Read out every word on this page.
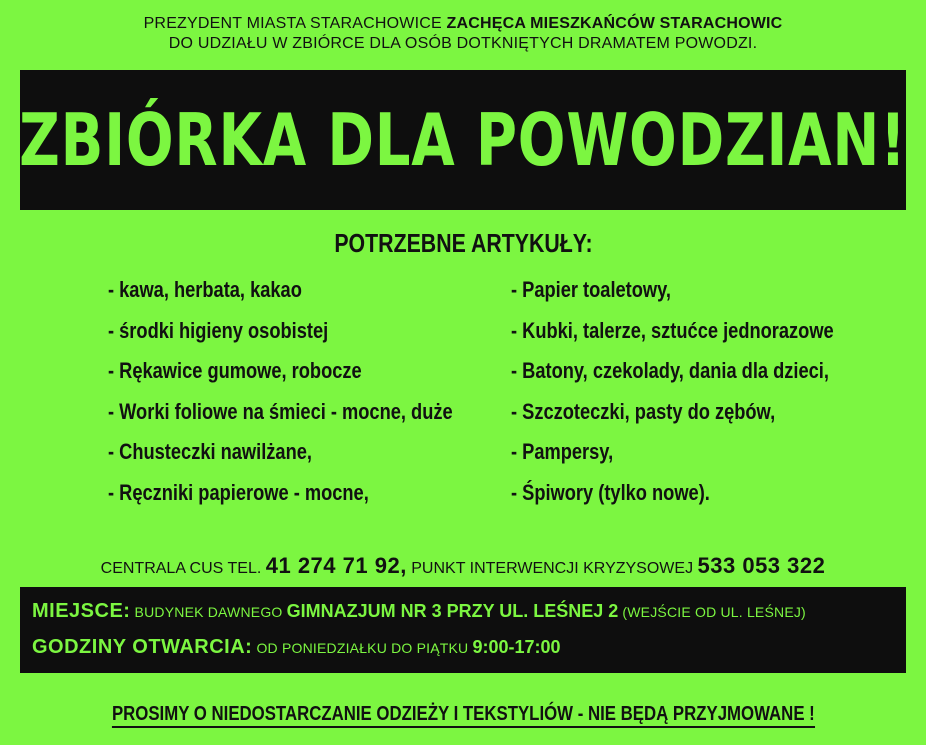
PREZYDENT MIASTA STARACHOWICE ZACHĘCA MIESZKAŃCÓW STARACHOWIC
DO UDZIAŁU W ZBIÓRCE DLA OSÓB DOTKNIĘTYCH DRAMATEM POWODZI.
ZBIÓRKA DLA POWODZIAN!
POTRZEBNE ARTYKUŁY:
- kawa, herbata, kakao
- środki higieny osobistej
- Rękawice gumowe, robocze
- Worki foliowe na śmieci - mocne, duże
- Chusteczki nawilżane,
- Ręczniki papierowe - mocne,
- Papier toaletowy,
- Kubki, talerze, sztućce jednorazowe
- Batony, czekolady, dania dla dzieci,
- Szczoteczki, pasty do zębów,
- Pampersy,
- Śpiwory (tylko nowe).
CENTRALA CUS TEL. 41 274 71 92, PUNKT INTERWENCJI KRYZYSOWEJ 533 053 322
MIEJSCE: BUDYNEK DAWNEGO GIMNAZJUM NR 3 PRZY UL. LEŚNEJ 2 (WEJŚCIE OD UL. LEŚNEJ)
GODZINY OTWARCIA: OD PONIEDZIAŁKU DO PIĄTKU 9:00-17:00
PROSIMY O NIEDOSTARCZANIE ODZIEŻY I TEKSTYLIÓW - NIE BĘDĄ PRZYJMOWANE !
